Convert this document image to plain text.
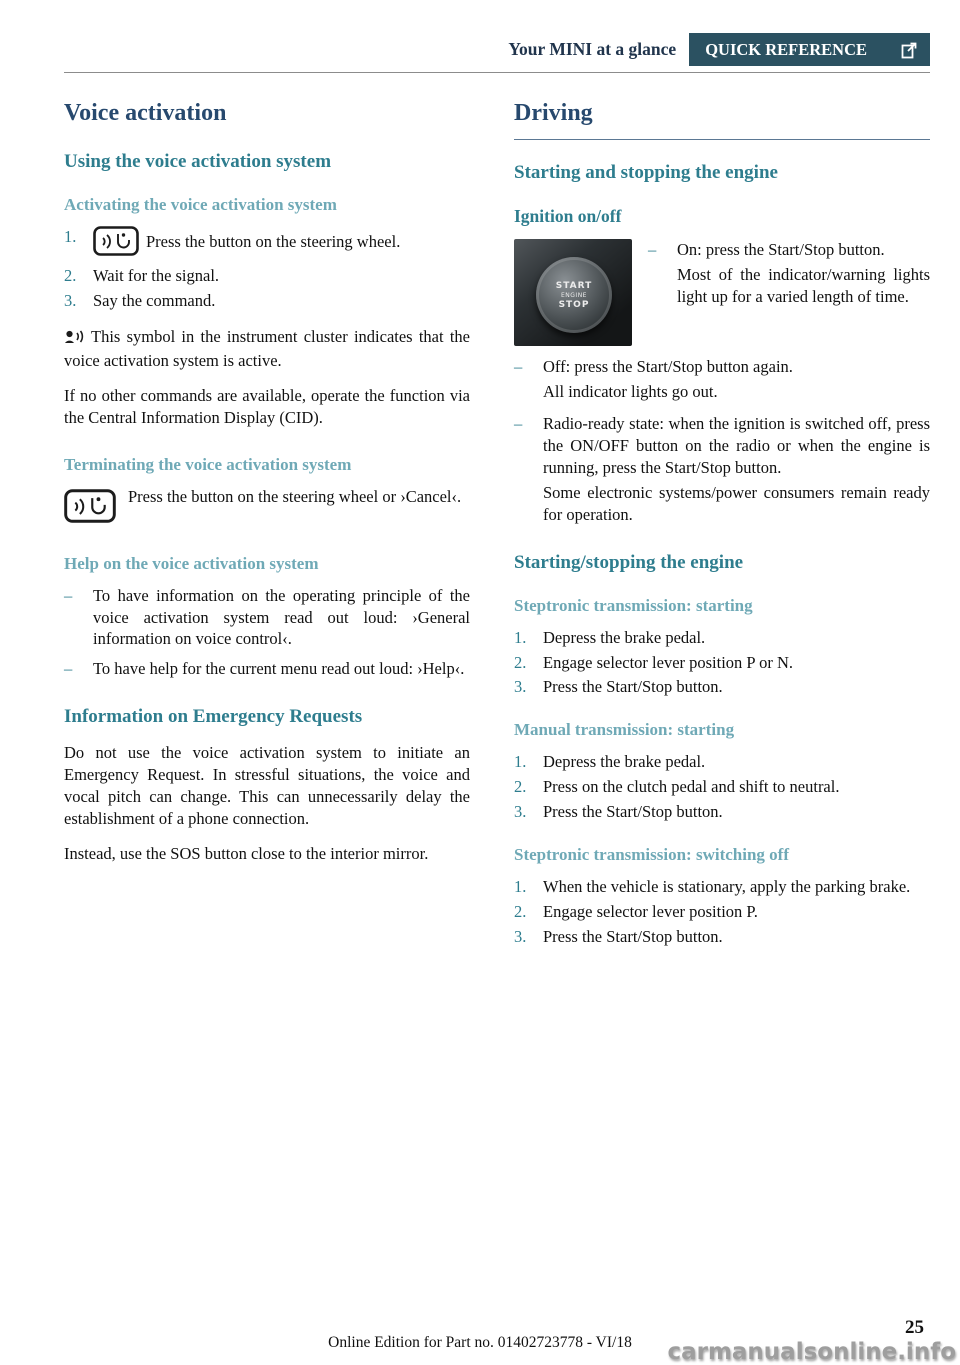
Your MINI at a glance QUICK REFERENCE
Voice activation
Using the voice activation system
Activating the voice activation system
1.	Press the button on the steering wheel.
2.	Wait for the signal.
3.	Say the command.

This symbol in the instrument cluster indicates that the voice activation system is active.

If no other commands are available, operate the function via the Central Information Display (CID).

Terminating the voice activation system

Press the button on the steering wheel or ›Cancel‹.

Help on the voice activation system
–	To have information on the operating principle of the voice activation system read out loud: ›General information on voice control‹.
–	To have help for the current menu read out loud: ›Help‹.
Information on Emergency Requests

Do not use the voice activation system to initiate an Emergency Request. In stressful situations, the voice and vocal pitch can change. This can unnecessarily delay the establishment of a phone connection.

Instead, use the SOS button close to the interior mirror.

Driving
Starting and stopping the engine
Ignition on/off
START
ENGINE
STOP
–	On: press the Start/Stop button.
Most of the indicator/warning lights light up for a varied length of time.
–	Off: press the Start/Stop button again.
All indicator lights go out.
–	Radio-ready state: when the ignition is switched off, press the ON/OFF button on the radio or when the engine is running, press the Start/Stop button.
Some electronic systems/power consumers remain ready for operation.
Starting/stopping the engine
Steptronic transmission: starting
1.	Depress the brake pedal.
2.	Engage selector lever position P or N.
3.	Press the Start/Stop button.
Manual transmission: starting
1.	Depress the brake pedal.
2.	Press on the clutch pedal and shift to neutral.
3.	Press the Start/Stop button.
Steptronic transmission: switching off
1.	When the vehicle is stationary, apply the parking brake.
2.	Engage selector lever position P.
3.	Press the Start/Stop button.
Online Edition for Part no. 01402723778 - VI/18
25
carmanualsonline.info
